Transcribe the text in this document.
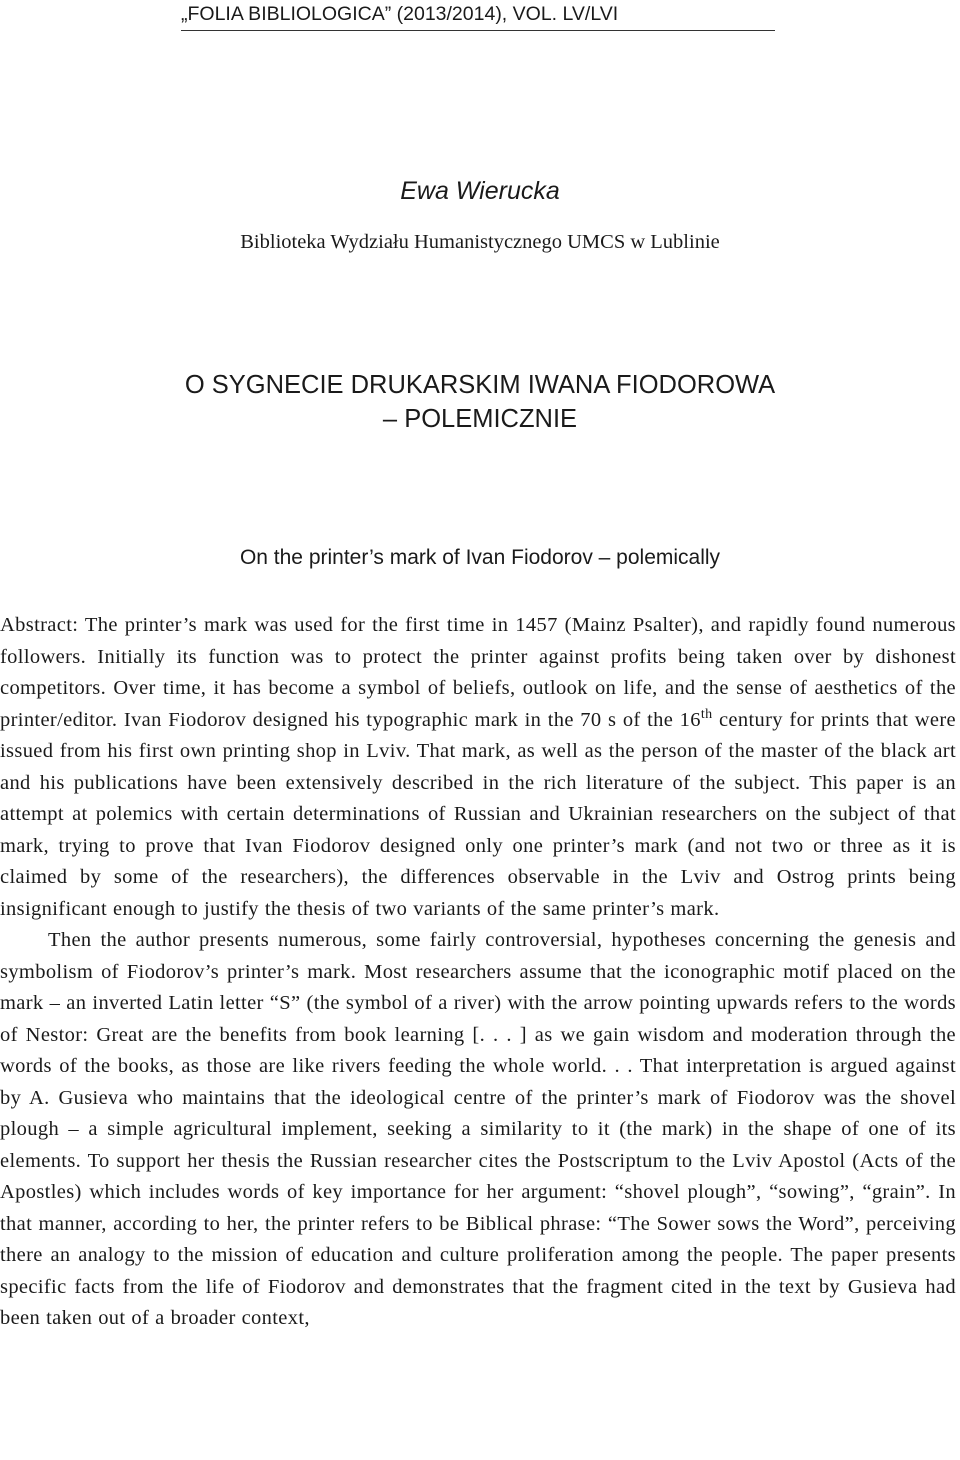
„FOLIA BIBLIOLOGICA” (2013/2014), VOL. LV/LVI
Ewa Wierucka
Biblioteka Wydziału Humanistycznego UMCS w Lublinie
O SYGNECIE DRUKARSKIM IWANA FIODOROWA
– POLEMICZNIE
On the printer’s mark of Ivan Fiodorov – polemically

Abstract: The printer’s mark was used for the first time in 1457 (Mainz Psalter), and rapidly found numerous followers. Initially its function was to protect the printer against profits being taken over by dishonest competitors. Over time, it has become a symbol of beliefs, outlook on life, and the sense of aesthetics of the printer/editor. Ivan Fiodorov designed his typographic mark in the 70 s of the 16th century for prints that were issued from his first own printing shop in Lviv. That mark, as well as the person of the master of the black art and his publications have been extensively described in the rich literature of the subject. This paper is an attempt at polemics with certain determinations of Russian and Ukrainian researchers on the subject of that mark, trying to prove that Ivan Fiodorov designed only one printer’s mark (and not two or three as it is claimed by some of the researchers), the differences observable in the Lviv and Ostrog prints being insignificant enough to justify the thesis of two variants of the same printer’s mark.

Then the author presents numerous, some fairly controversial, hypotheses concerning the genesis and symbolism of Fiodorov’s printer’s mark. Most researchers assume that the iconographic motif placed on the mark – an inverted Latin letter “S” (the symbol of a river) with the arrow pointing upwards refers to the words of Nestor: Great are the benefits from book learning [. . . ] as we gain wisdom and moderation through the words of the books, as those are like rivers feeding the whole world. . . That interpretation is argued against by A. Gusieva who maintains that the ideological centre of the printer’s mark of Fiodorov was the shovel plough – a simple agricultural implement, seeking a similarity to it (the mark) in the shape of one of its elements. To support her thesis the Russian researcher cites the Postscriptum to the Lviv Apostol (Acts of the Apostles) which includes words of key importance for her argument: “shovel plough”, “sowing”, “grain”. In that manner, according to her, the printer refers to be Biblical phrase: “The Sower sows the Word”, perceiving there an analogy to the mission of education and culture proliferation among the people. The paper presents specific facts from the life of Fiodorov and demonstrates that the fragment cited in the text by Gusieva had been taken out of a broader context,
